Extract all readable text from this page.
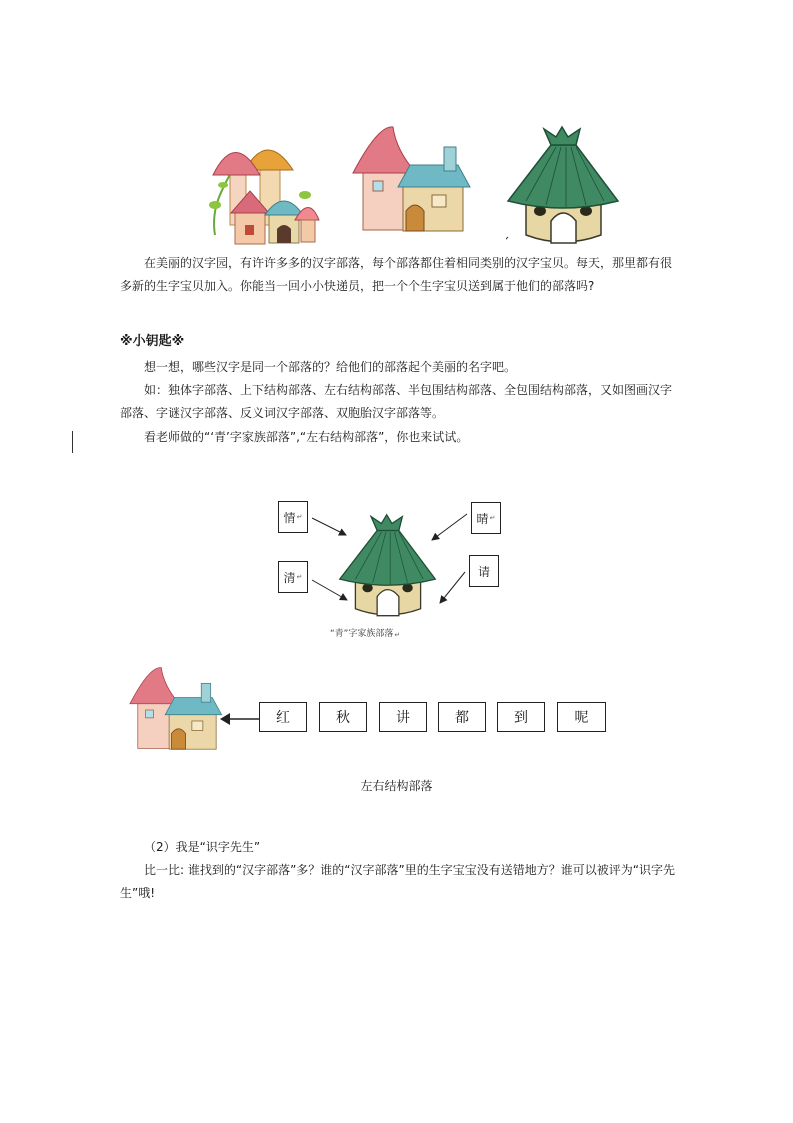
在美丽的汉字园，有许许多多的汉字部落，每个部落都住着相同类别的汉字宝贝。每天，那里都有很多新的生字宝贝加入。你能当一回小小快递员，把一个个生字宝贝送到属于他们的部落吗?

※小钥匙※

想一想，哪些汉字是同一个部落的？给他们的部落起个美丽的名字吧。

如：独体字部落、上下结构部落、左右结构部落、半包围结构部落、全包围结构部落，又如图画汉字部落、字谜汉字部落、反义词汉字部落、双胞胎汉字部落等。

看老师做的“‘青’字家族部落”,“左右结构部落”，你也来试试。

情 ↵	晴 ↵
清 ↵	请
“青”字家族部落↵
红	秋	讲	都	到	呢
左右结构部落
（2）我是“识字先生”

比一比: 谁找到的“汉字部落”多？谁的“汉字部落”里的生字宝宝没有送错地方？谁可以被评为“识字先生”哦!
